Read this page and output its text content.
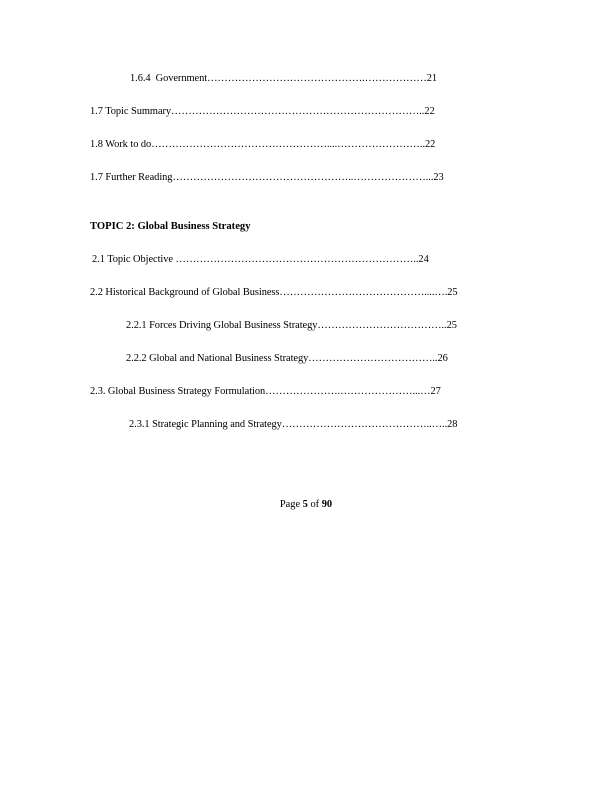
1.6.4  Government……………………………………….………………21
1.7 Topic Summary………………………………………………………………..22
1.8 Work to do……………………………………………....……………………..22
1.7 Further Reading……………………………………………..…………………...23
TOPIC 2: Global Business Strategy
2.1 Topic Objective ……………………………………………………………..24
2.2 Historical Background of Global Business……………………………………....….25
2.2.1 Forces Driving Global Business Strategy………………………………..25
2.2.2 Global and National Business Strategy………………………………..26
2.3. Global Business Strategy Formulation………………….…………………...…27
2.3.1 Strategic Planning and Strategy……………………………………..…..28
Page 5 of 90
